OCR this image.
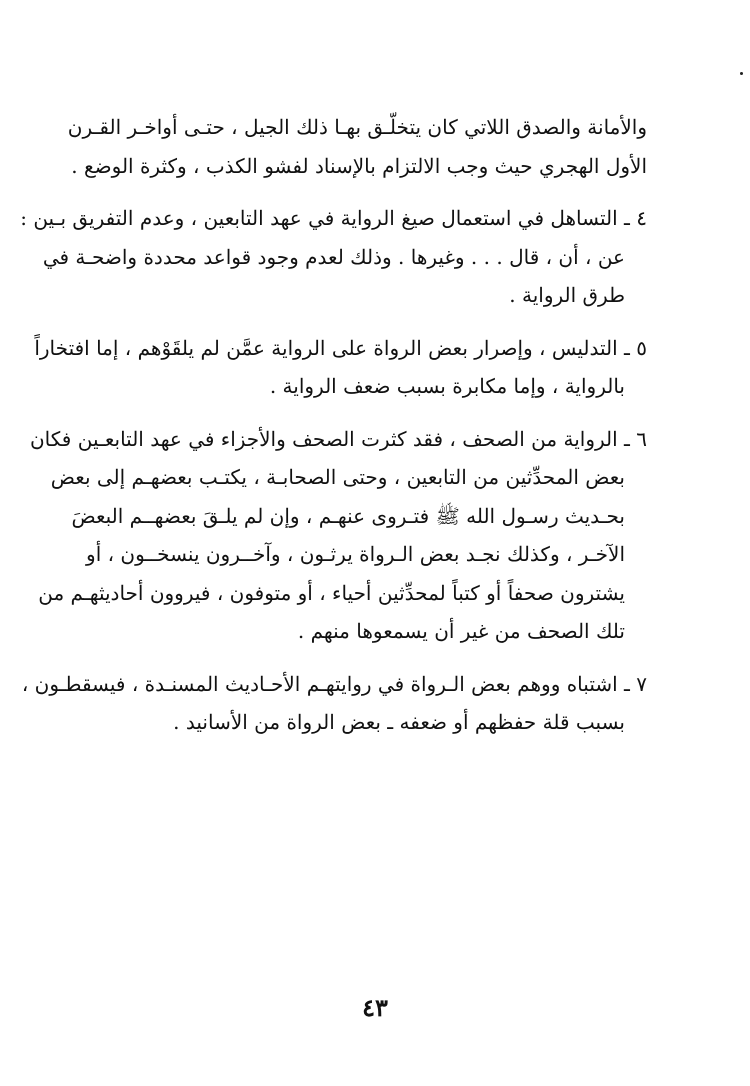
والأمانة والصدق اللاتي كان يتخلّـق بهـا ذلك الجيل ، حتـى أواخـر القـرن
الأول الهجري حيث وجب الالتزام بالإسناد لفشو الكذب ، وكثرة الوضع .

٤ ـ التساهل في استعمال صيغ الرواية في عهد التابعين ، وعدم التفريق بـين :
عن ، أن ، قال . . . وغيرها . وذلك لعدم وجود قواعد محددة واضحـة في
طرق الرواية .

٥ ـ التدليس ، وإصرار بعض الرواة على الرواية عمَّن لم يلقَوْهم ، إما افتخاراً
بالرواية ، وإما مكابرة بسبب ضعف الرواية .

٦ ـ الرواية من الصحف ، فقد كثرت الصحف والأجزاء في عهد التابعـين فكان
بعض المحدِّثين من التابعين ، وحتى الصحابـة ، يكتـب بعضهـم إلى بعض
بحـديث رسـول الله ﷺ فتـروى عنهـم ، وإن لم يلـقَ بعضهــم البعضَ
الآخـر ، وكذلك نجـد بعض الـرواة يرثـون ، وآخــرون ينسخــون ، أو
يشترون صحفاً أو كتباً لمحدِّثين أحياء ، أو متوفون ، فيروون أحاديثهـم من
تلك الصحف من غير أن يسمعوها منهم .

٧ ـ اشتباه ووهم بعض الـرواة في روايتهـم الأحـاديث المسنـدة ، فيسقطـون ،
بسبب قلة حفظهم أو ضعفه ـ بعض الرواة من الأسانيد .

٤٣
